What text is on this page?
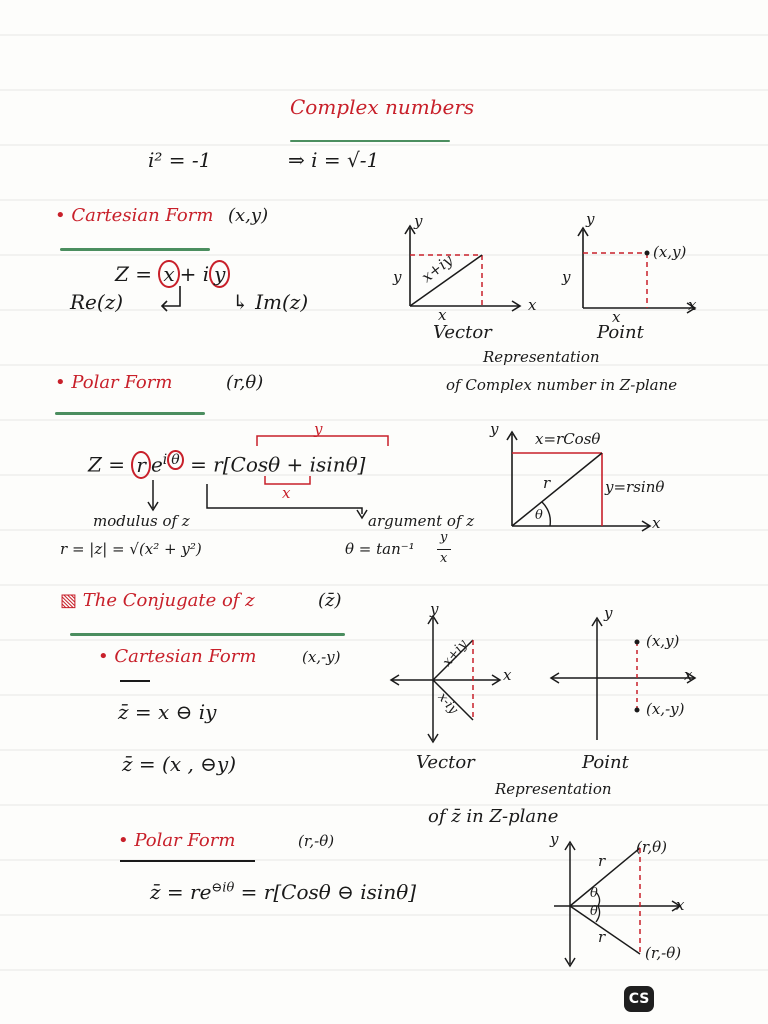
Complex numbers
i² = -1	⇒ i = √-1
• Cartesian Form (x,y)
Z = x + i y
Re(z)	↳ Im(z)
y
x
y
x
x+iy
Vector
y
x
y
x
(x,y)
Point
Representation
of Complex number in Z-plane
• Polar Form	(r,θ)
y
x
Z = r $e^{i \theta} = r[Cos\theta + isin\theta]$
modulus of z
r = |z| = √(x² + y²)
argument of z
θ = tan⁻¹
y
x
y
x
x=rCosθ
y=rsinθ
r
θ
▧ The Conjugate of z	(z̄)
• Cartesian Form	(x,-y)
z̄ = x ⊖ iy
z̄ = (x , ⊖y)
y
x
x+iy
x-iy
Vector
y
x
(x,y)
(x,-y)
Point
Representation
of z̄ in Z-plane
• Polar Form	(r,-θ)
z̄ = $re^{⊖i\theta} = r[Cos\theta$ ⊖ isinθ]
y
x
(r,θ)
(r,-θ)
r
r
θ
θ
CS
